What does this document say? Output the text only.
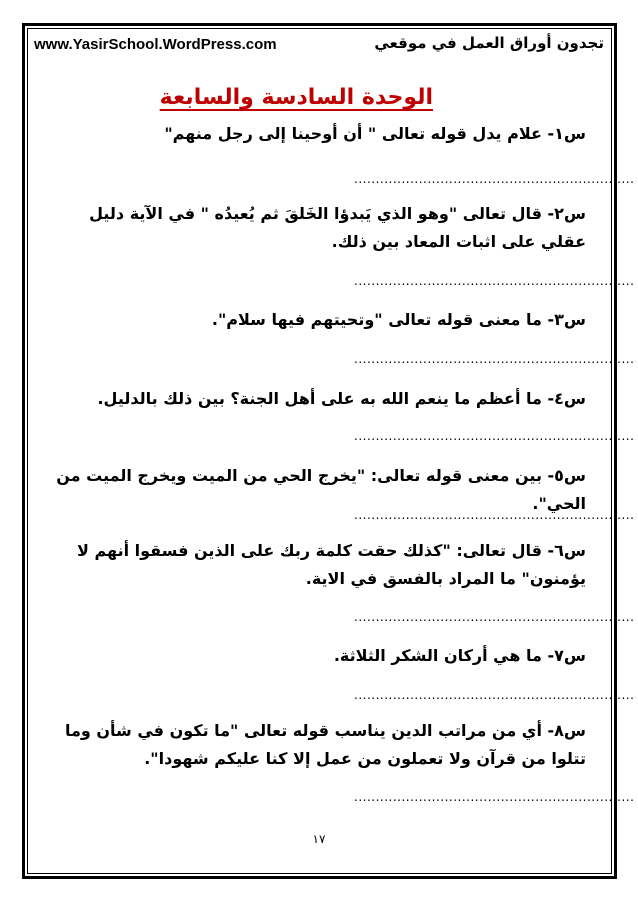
www.YasirSchool.WordPress.com	تجدون أوراق العمل في موقعي
الوحدة السادسة والسابعة
س١- علام يدل قوله تعالى " أن أوحينا إلى رجل منهم"
.................................................................
س٢- قال تعالى "وهو الذي يَبدؤا الخَلقَ ثم يُعيدُه " في الآية دليل عقلي على اثبات المعاد بين ذلك.
.................................................................
س٣- ما معنى قوله تعالى "وتحيتهم فيها سلام".
.................................................................
س٤- ما أعظم ما ينعم الله به على أهل الجنة؟ بين ذلك بالدليل.
.................................................................
س٥- بين معنى قوله تعالى: "يخرج الحي من الميت ويخرج الميت من الحي".
.................................................................
س٦- قال تعالى: "كذلك حقت كلمة ربك على الذين فسقوا أنهم لا يؤمنون" ما المراد بالفسق في الاية.
.................................................................
س٧- ما هي أركان الشكر الثلاثة.
.................................................................
س٨- أي من مراتب الدين يناسب قوله تعالى "ما تكون في شأن وما تتلوا من قرآن ولا تعملون من عمل إلا كنا عليكم شهودا".
.................................................................
١٧
